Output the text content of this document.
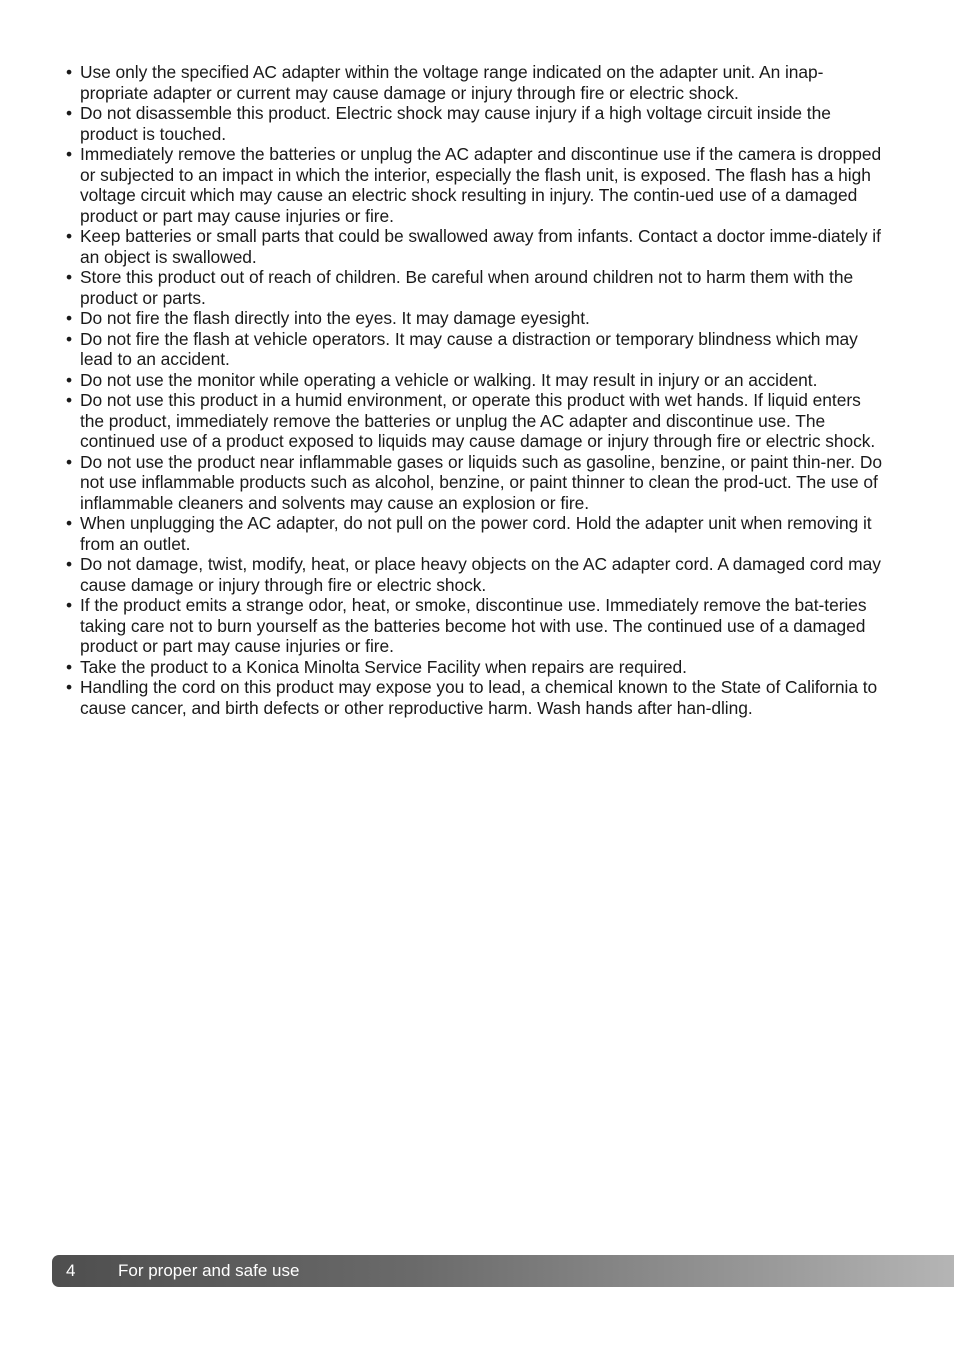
• Use only the specified AC adapter within the voltage range indicated on the adapter unit. An inap-propriate adapter or current may cause damage or injury through fire or electric shock.
• Do not disassemble this product. Electric shock may cause injury if a high voltage circuit inside the product is touched.
• Immediately remove the batteries or unplug the AC adapter and discontinue use if the camera is dropped or subjected to an impact in which the interior, especially the flash unit, is exposed. The flash has a high voltage circuit which may cause an electric shock resulting in injury. The contin-ued use of a damaged product or part may cause injuries or fire.
• Keep batteries or small parts that could be swallowed away from infants. Contact a doctor imme-diately if an object is swallowed.
• Store this product out of reach of children. Be careful when around children not to harm them with the product or parts.
• Do not fire the flash directly into the eyes. It may damage eyesight.
• Do not fire the flash at vehicle operators. It may cause a distraction or temporary blindness which may lead to an accident.
• Do not use the monitor while operating a vehicle or walking. It may result in injury or an accident.
• Do not use this product in a humid environment, or operate this product with wet hands. If liquid enters the product, immediately remove the batteries or unplug the AC adapter and discontinue use. The continued use of a product exposed to liquids may cause damage or injury through fire or electric shock.
• Do not use the product near inflammable gases or liquids such as gasoline, benzine, or paint thin-ner. Do not use inflammable products such as alcohol, benzine, or paint thinner to clean the prod-uct. The use of inflammable cleaners and solvents may cause an explosion or fire.
• When unplugging the AC adapter, do not pull on the power cord. Hold the adapter unit when removing it from an outlet.
• Do not damage, twist, modify, heat, or place heavy objects on the AC adapter cord. A damaged cord may cause damage or injury through fire or electric shock.
• If the product emits a strange odor, heat, or smoke, discontinue use. Immediately remove the bat-teries taking care not to burn yourself as the batteries become hot with use. The continued use of a damaged product or part may cause injuries or fire.
• Take the product to a Konica Minolta Service Facility when repairs are required.
• Handling the cord on this product may expose you to lead, a chemical known to the State of California to cause cancer, and birth defects or other reproductive harm. Wash hands after han-dling.
4	For proper and safe use
